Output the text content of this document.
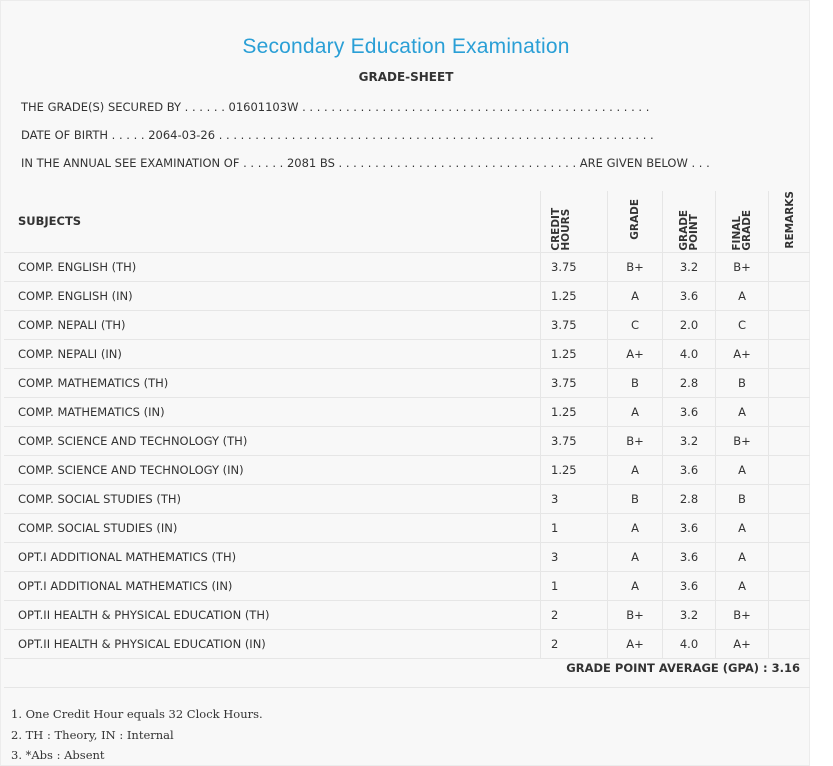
Secondary Education Examination
GRADE-SHEET
THE GRADE(S) SECURED BY . . . . . . 01601103W . . . . . . . . . . . . . . . . . . . . . . . . . . . . . . . . . . . . . . . . . . . . . . . .
DATE OF BIRTH . . . . . 2064-03-26 . . . . . . . . . . . . . . . . . . . . . . . . . . . . . . . . . . . . . . . . . . . . . . . . . . . . . . . . . . . .
IN THE ANNUAL SEE EXAMINATION OF . . . . . . 2081 BS . . . . . . . . . . . . . . . . . . . . . . . . . . . . . . . . . ARE GIVEN BELOW . . .
SUBJECTS	CREDIT HOURS	GRADE	GRADE POINT	FINAL GRADE	REMARKS
COMP. ENGLISH (TH)	3.75	B+	3.2	B+	
COMP. ENGLISH (IN)	1.25	A	3.6	A	
COMP. NEPALI (TH)	3.75	C	2.0	C	
COMP. NEPALI (IN)	1.25	A+	4.0	A+	
COMP. MATHEMATICS (TH)	3.75	B	2.8	B	
COMP. MATHEMATICS (IN)	1.25	A	3.6	A	
COMP. SCIENCE AND TECHNOLOGY (TH)	3.75	B+	3.2	B+	
COMP. SCIENCE AND TECHNOLOGY (IN)	1.25	A	3.6	A	
COMP. SOCIAL STUDIES (TH)	3	B	2.8	B	
COMP. SOCIAL STUDIES (IN)	1	A	3.6	A	
OPT.I ADDITIONAL MATHEMATICS (TH)	3	A	3.6	A	
OPT.I ADDITIONAL MATHEMATICS (IN)	1	A	3.6	A	
OPT.II HEALTH & PHYSICAL EDUCATION (TH)	2	B+	3.2	B+	
OPT.II HEALTH & PHYSICAL EDUCATION (IN)	2	A+	4.0	A+	
GRADE POINT AVERAGE (GPA) : 3.16
1. One Credit Hour equals 32 Clock Hours.
2. TH : Theory, IN : Internal
3. *Abs : Absent
